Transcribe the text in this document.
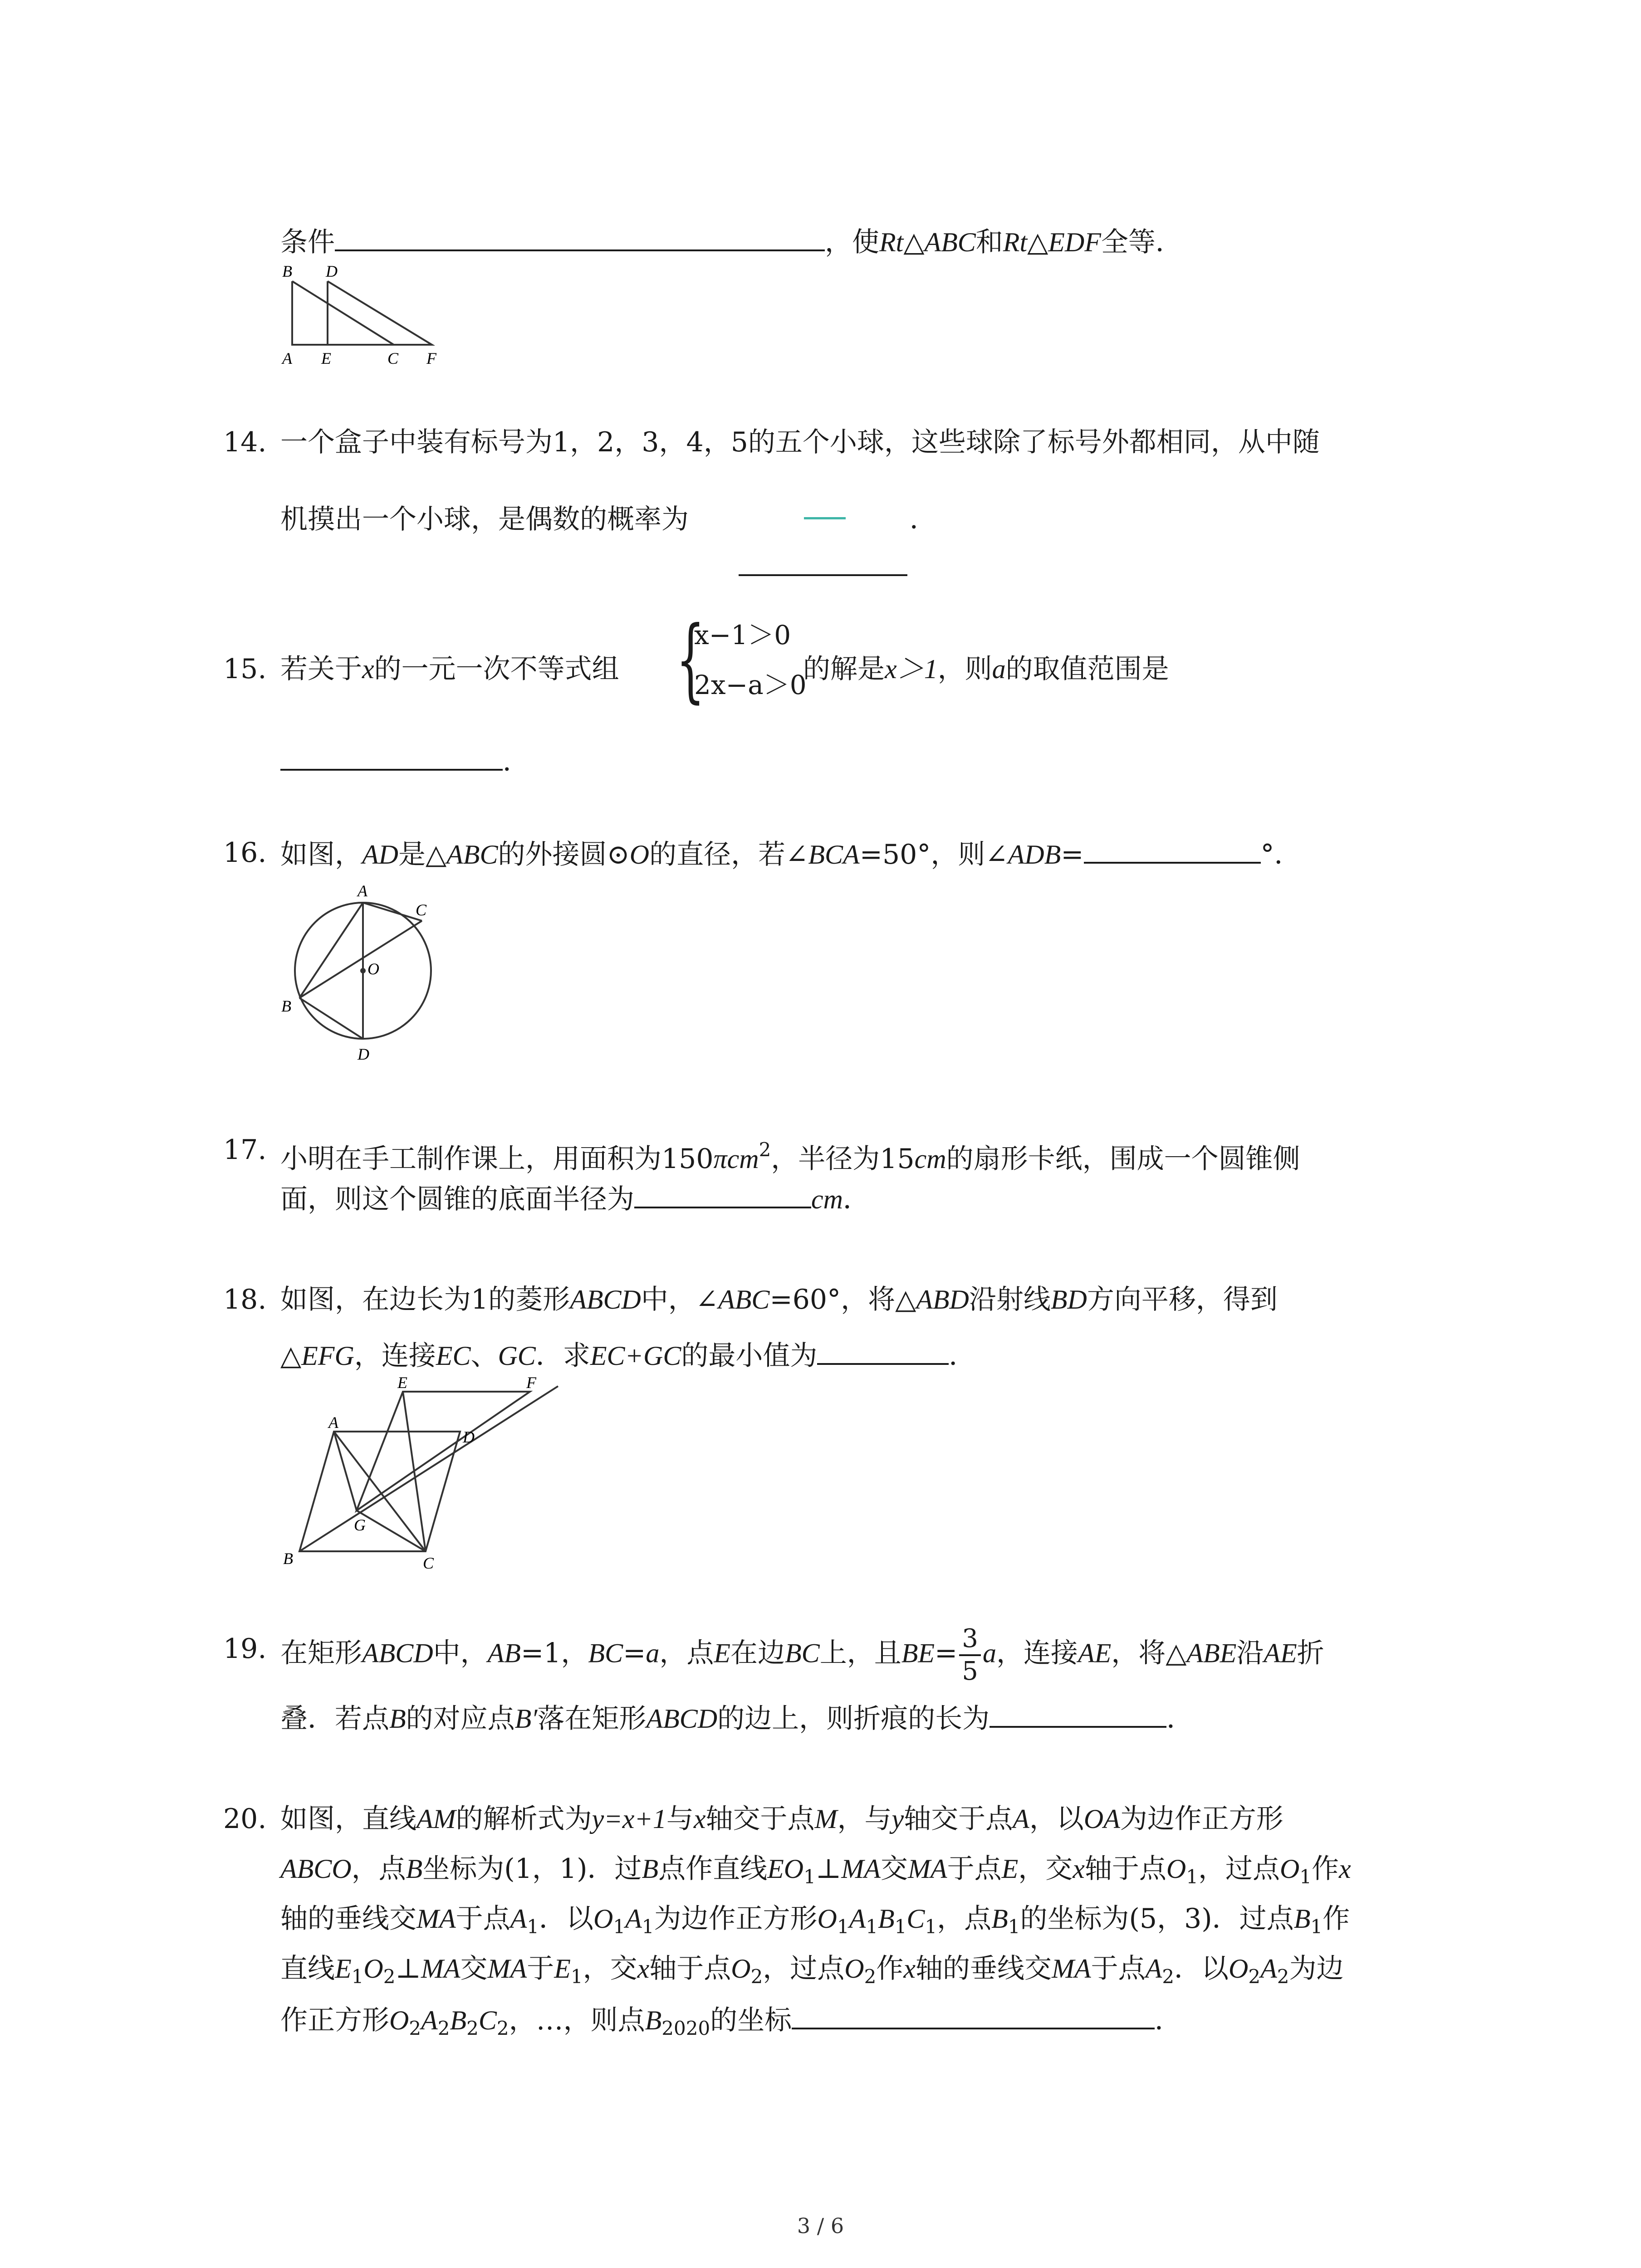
条件	，使Rt△ABC和Rt△EDF全等．
B D
A E	C F
14. 一个盒子中装有标号为1，2，3，4，5的五个小球，这些球除了标号外都相同，从中随
机摸出一个小球，是偶数的概率为	．
15. 若关于x的一元一次不等式组 {
x−1＞0
2x−a＞0
的解是x＞1，则a的取值范围是
．
16. 如图，AD是△ABC的外接圆⊙O的直径，若∠BCA=50°，则∠ADB=	°．
A
C
O
B
D
17. 小明在手工制作课上，用面积为150πcm$^2$，半径为15cm的扇形卡纸，围成一个圆锥侧
面，则这个圆锥的底面半径为	cm．
18. 如图，在边长为1的菱形ABCD中，∠ABC=60°，将△ABD沿射线BD方向平移，得到
△EFG，连接EC、GC．求EC+GC的最小值为	．
E	F
A
D
G
B	C
19. 在矩形ABCD中，AB=1，BC=a，点E在边BC上，且$BE= \frac{3}{5}$ a，连接AE，将△ABE沿AE折
叠．若点B的对应点B′落在矩形ABCD的边上，则折痕的长为	．
20. 如图，直线AM的解析式为y=x+1与x轴交于点M，与y轴交于点A，以OA为边作正方形
ABCO，点B坐标为(1，1)．过B点作直线$EO_1\perp MA$交MA于点E，交x轴于点$O_1$，过点$O_1$作x
轴的垂线交MA于点$A_1$．以$O_1A_1$为边作正方形$O_1A_1B_1C_1$，点$B_1$的坐标为(5，3)．过点$B_1$作
直线$E_1O_2\perp MA$交MA于$E_1$，交x轴于点$O_2$，过点$O_2$作x轴的垂线交MA于点$A_2$．以$O_2A_2$为边
作正方形$O_2A_2B_2C_2$，…，则点$B_{2020}$的坐标	．
3 / 6
